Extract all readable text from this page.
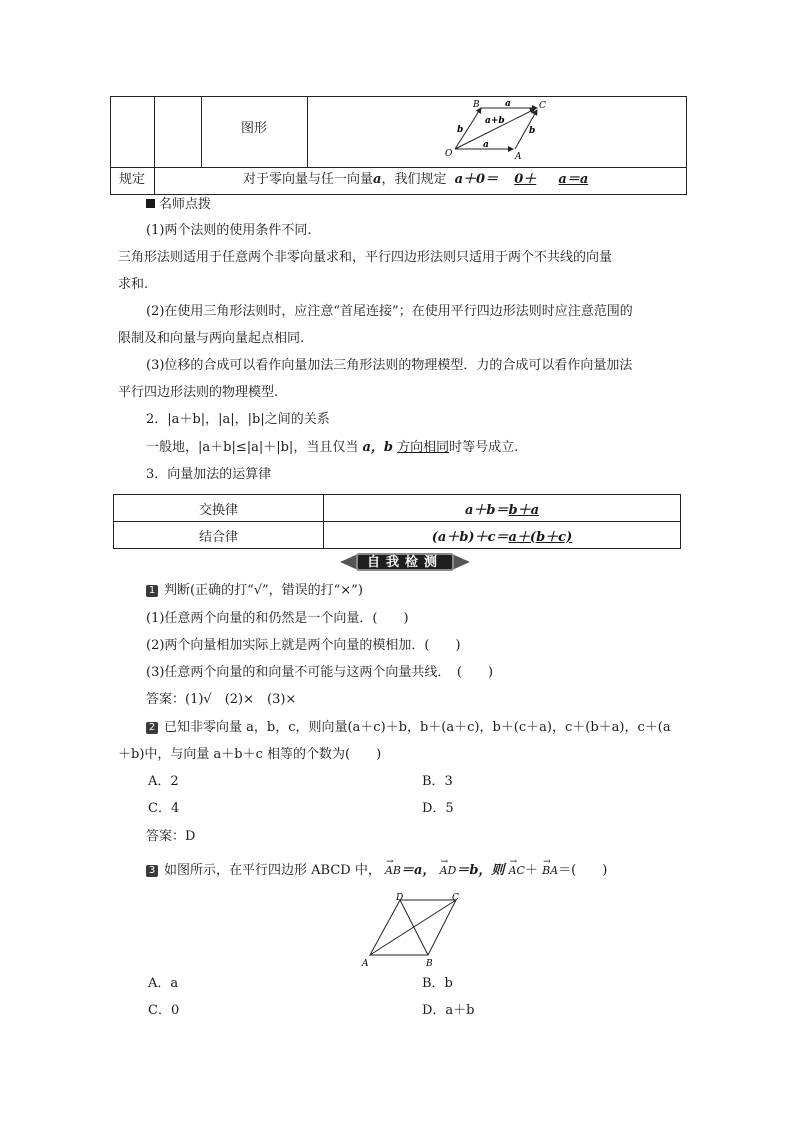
图形
B	C
O	A
a
a
b	b
a+b
规定	对于零向量与任一向量a，我们规定 a＋0＝ 0＋ a＝a
名师点拨
(1)两个法则的使用条件不同.
三角形法则适用于任意两个非零向量求和，平行四边形法则只适用于两个不共线的向量
求和.
(2)在使用三角形法则时，应注意“首尾连接”；在使用平行四边形法则时应注意范围的
限制及和向量与两向量起点相同.
(3)位移的合成可以看作向量加法三角形法则的物理模型．力的合成可以看作向量加法
平行四边形法则的物理模型.
2．|a＋b|，|a|，|b|之间的关系
一般地，|a＋b|≤|a|＋|b|，当且仅当 a，b 方向相同时等号成立.
3．向量加法的运算律
交换律	a＋b＝b＋a
结合律	(a＋b)＋c＝a＋(b＋c)
自我检测
1 判断(正确的打“√”，错误的打“×”)
(1)任意两个向量的和仍然是一个向量．(　　)
(2)两个向量相加实际上就是两个向量的模相加．(　　)
(3)任意两个向量的和向量不可能与这两个向量共线．　(　　)
答案：(1)√　(2)×　(3)×
2 已知非零向量 a，b，c，则向量(a＋c)＋b，b＋(a＋c)，b＋(c＋a)，c＋(b＋a)，c＋(a
＋b)中，与向量 a＋b＋c 相等的个数为(　　)
A．2	B．3
C．4	D．5
答案：D
3 如图所示，在平行四边形 ABCD 中， → AB＝a， → AD＝b，则 → AC＋ → BA＝(　　)
A	B
C
D
A．a	B．b
C．0	D．a＋b
